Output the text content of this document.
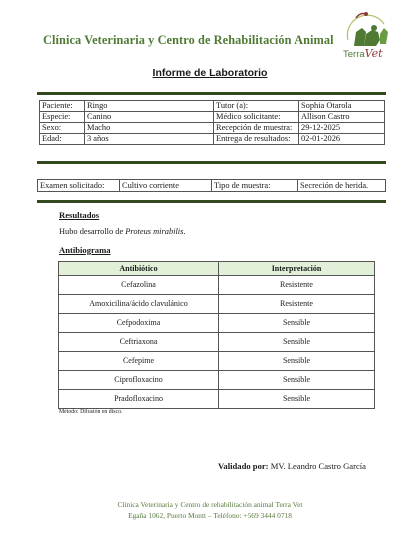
Clínica Veterinaria y Centro de Rehabilitación Animal
TerraVet
Informe de Laboratorio
Paciente:	Ringo	Tutor (a):	Sophia Otarola
Especie:	Canino	Médico solicitante:	Allison Castro
Sexo:	Macho	Recepción de muestra:	29-12-2025
Edad:	3 años	Entrega de resultados:	02-01-2026
Examen solicitado:	Cultivo corriente	Tipo de muestra:	Secreción de herida.
Resultados
Hubo desarrollo de Proteus mirabilis.
Antibiograma
Antibiótico	Interpretación
Cefazolina	Resistente
Amoxicilina/ácido clavulánico	Resistente
Cefpodoxima	Sensible
Ceftriaxona	Sensible
Cefepime	Sensible
Ciprofloxacino	Sensible
Pradofloxacino	Sensible
Método: Difusión en disco.
Validado por: MV. Leandro Castro García
Clínica Veterinaria y Centro de rehabilitación animal Terra Vet
Egaña 1062, Puerto Montt – Teléfono: +569 3444 0718
